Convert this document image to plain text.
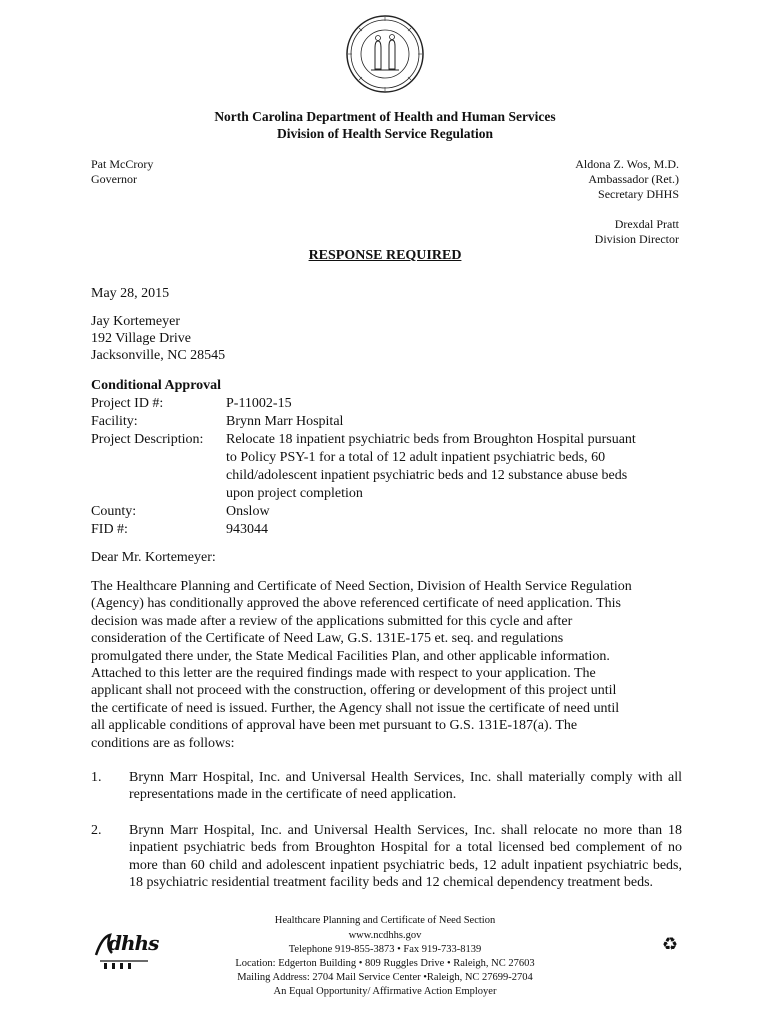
North Carolina Department of Health and Human Services
Division of Health Service Regulation
Pat McCrory
Governor
Aldona Z. Wos, M.D.
Ambassador (Ret.)
Secretary DHHS
Drexdal Pratt
Division Director
RESPONSE REQUIRED
May 28, 2015
Jay Kortemeyer
192 Village Drive
Jacksonville, NC 28545
Conditional Approval
Project ID #:	P-11002-15
Facility:	Brynn Marr Hospital
Project Description: Relocate 18 inpatient psychiatric beds from Broughton Hospital pursuant
to Policy PSY-1 for a total of 12 adult inpatient psychiatric beds, 60
child/adolescent inpatient psychiatric beds and 12 substance abuse beds
upon project completion
County:	Onslow
FID #:	943044
Dear Mr. Kortemeyer:
The Healthcare Planning and Certificate of Need Section, Division of Health Service Regulation
(Agency) has conditionally approved the above referenced certificate of need application. This
decision was made after a review of the applications submitted for this cycle and after
consideration of the Certificate of Need Law, G.S. 131E-175 et. seq. and regulations
promulgated there under, the State Medical Facilities Plan, and other applicable information.
Attached to this letter are the required findings made with respect to your application. The
applicant shall not proceed with the construction, offering or development of this project until
the certificate of need is issued. Further, the Agency shall not issue the certificate of need until
all applicable conditions of approval have been met pursuant to G.S. 131E-187(a). The
conditions are as follows:
1. Brynn Marr Hospital, Inc. and Universal Health Services, Inc. shall materially comply with all representations made in the certificate of need application.
2. Brynn Marr Hospital, Inc. and Universal Health Services, Inc. shall relocate no more than 18 inpatient psychiatric beds from Broughton Hospital for a total licensed bed complement of no more than 60 child and adolescent inpatient psychiatric beds, 12 adult inpatient psychiatric beds, 18 psychiatric residential treatment facility beds and 12 chemical dependency treatment beds.
dhhs
Healthcare Planning and Certificate of Need Section
www.ncdhhs.gov
Telephone 919-855-3873 • Fax 919-733-8139
Location: Edgerton Building • 809 Ruggles Drive • Raleigh, NC 27603
Mailing Address: 2704 Mail Service Center •Raleigh, NC 27699-2704
An Equal Opportunity/ Affirmative Action Employer
♻
